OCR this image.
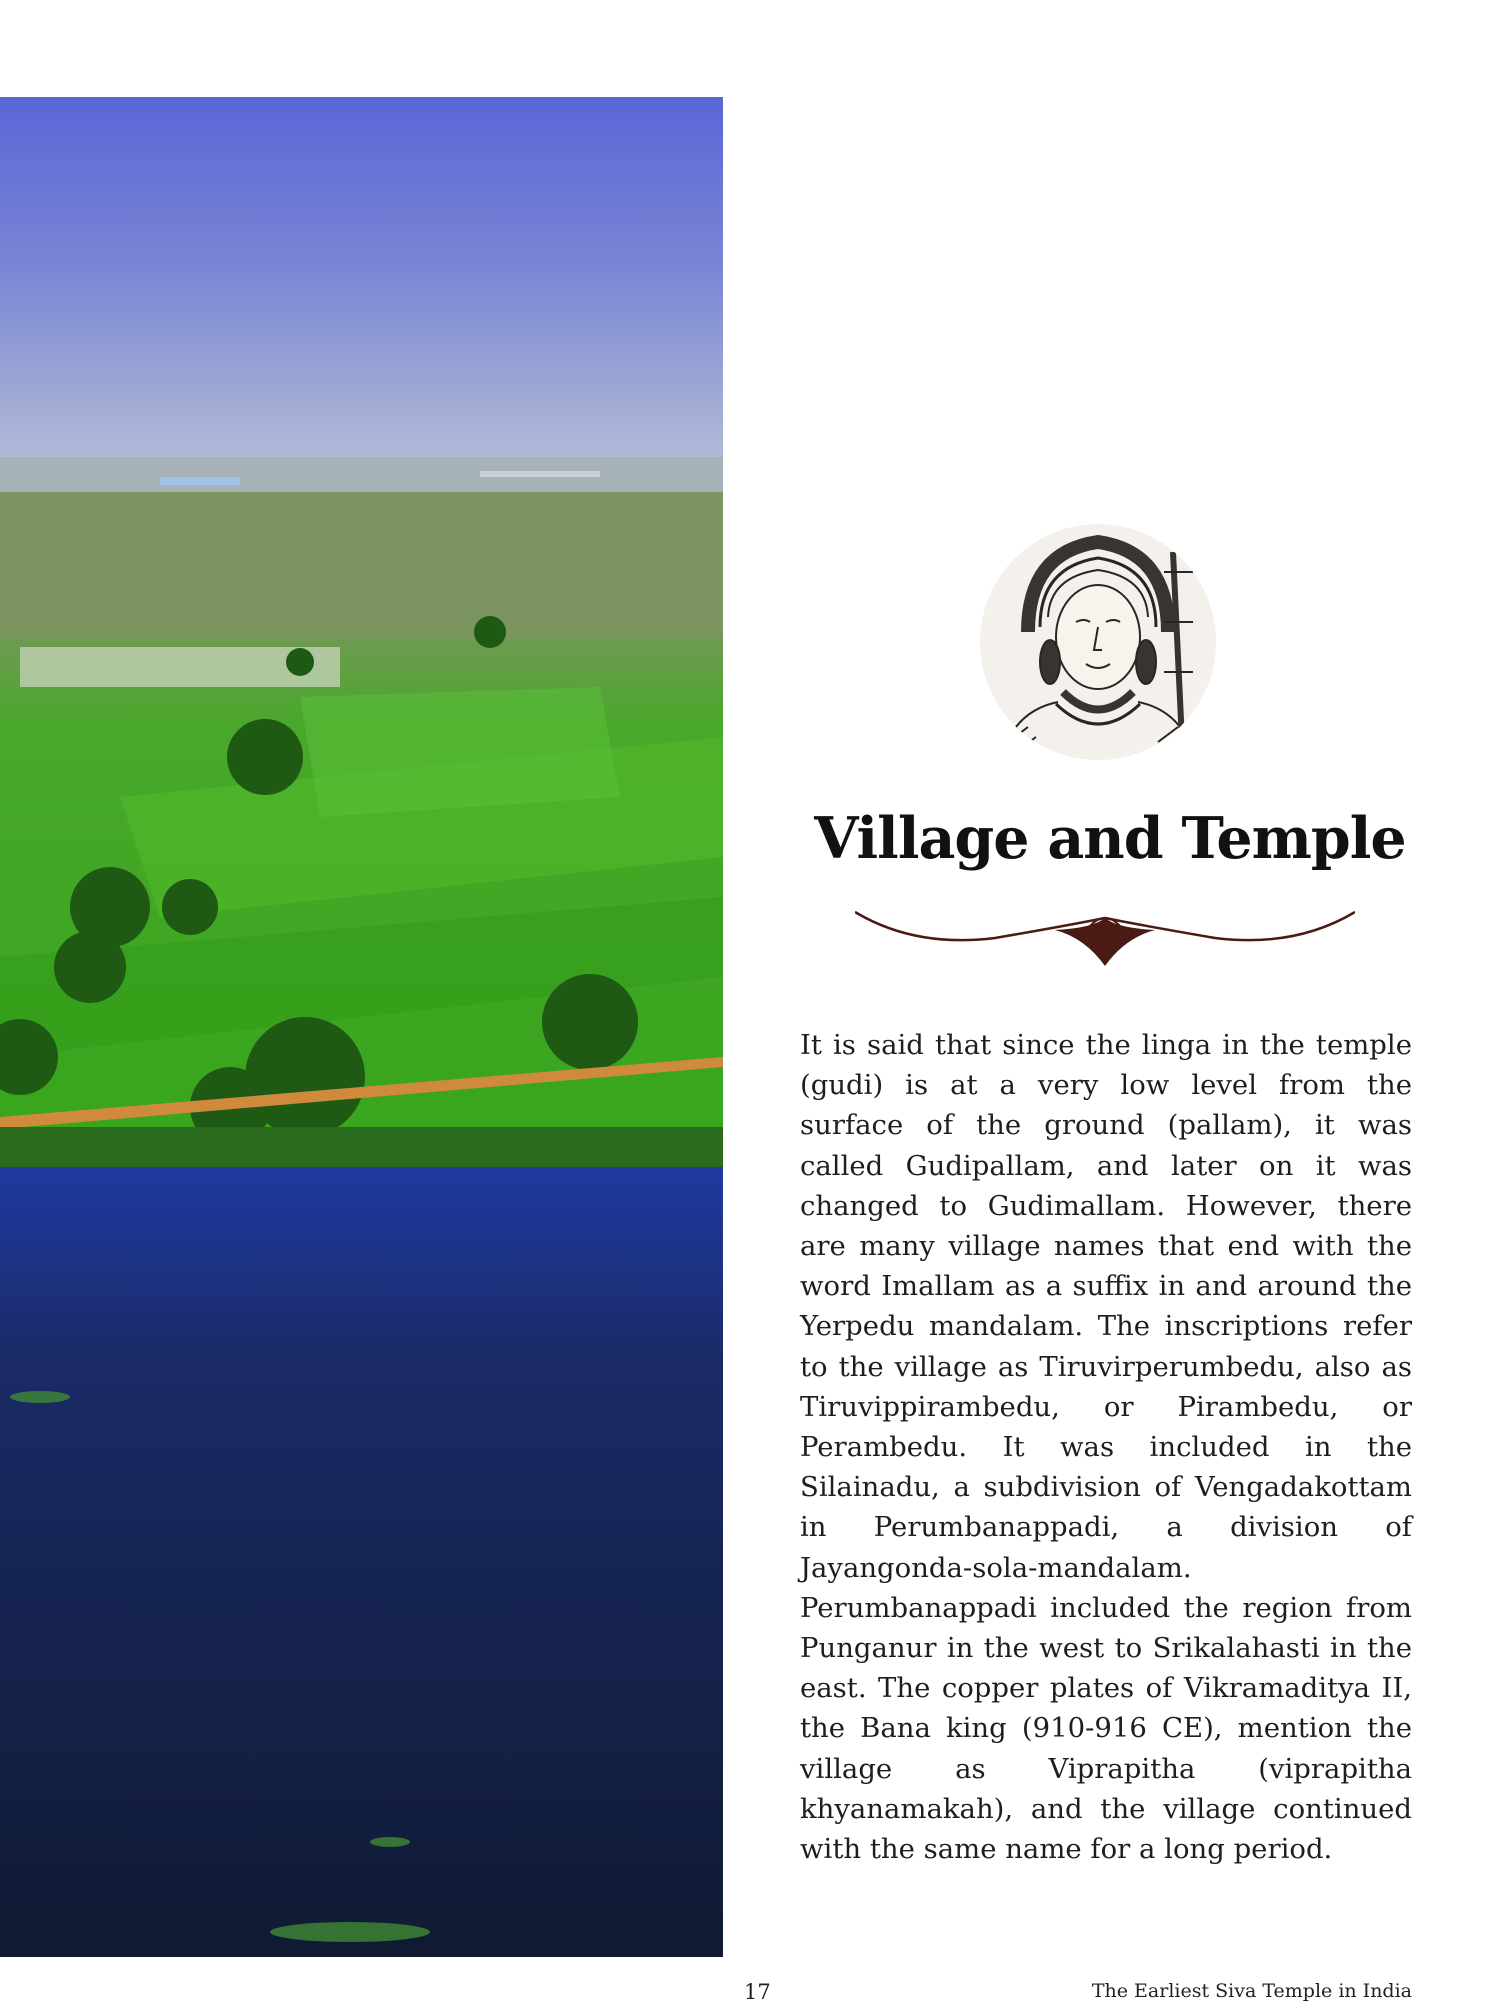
Village and Temple

It is said that since the linga in the temple (gudi) is at a very low level from the surface of the ground (pallam), it was called Gudipallam, and later on it was changed to Gudimallam. However, there are many village names that end with the word Imallam as a suffix in and around the Yerpedu mandalam. The inscriptions refer to the village as Tiruvirperumbedu, also as Tiruvippirambedu, or Pirambedu, or Perambedu. It was included in the Silainadu, a subdivision of Vengadakottam in Perumbanappadi, a division of Jayangonda-sola-mandalam. Perumbanappadi included the region from Punganur in the west to Srikalahasti in the east. The copper plates of Vikramaditya II, the Bana king (910-916 CE), mention the village as Viprapitha (viprapitha khyanamakah), and the village continued with the same name for a long period.

17	The Earliest Siva Temple in India
